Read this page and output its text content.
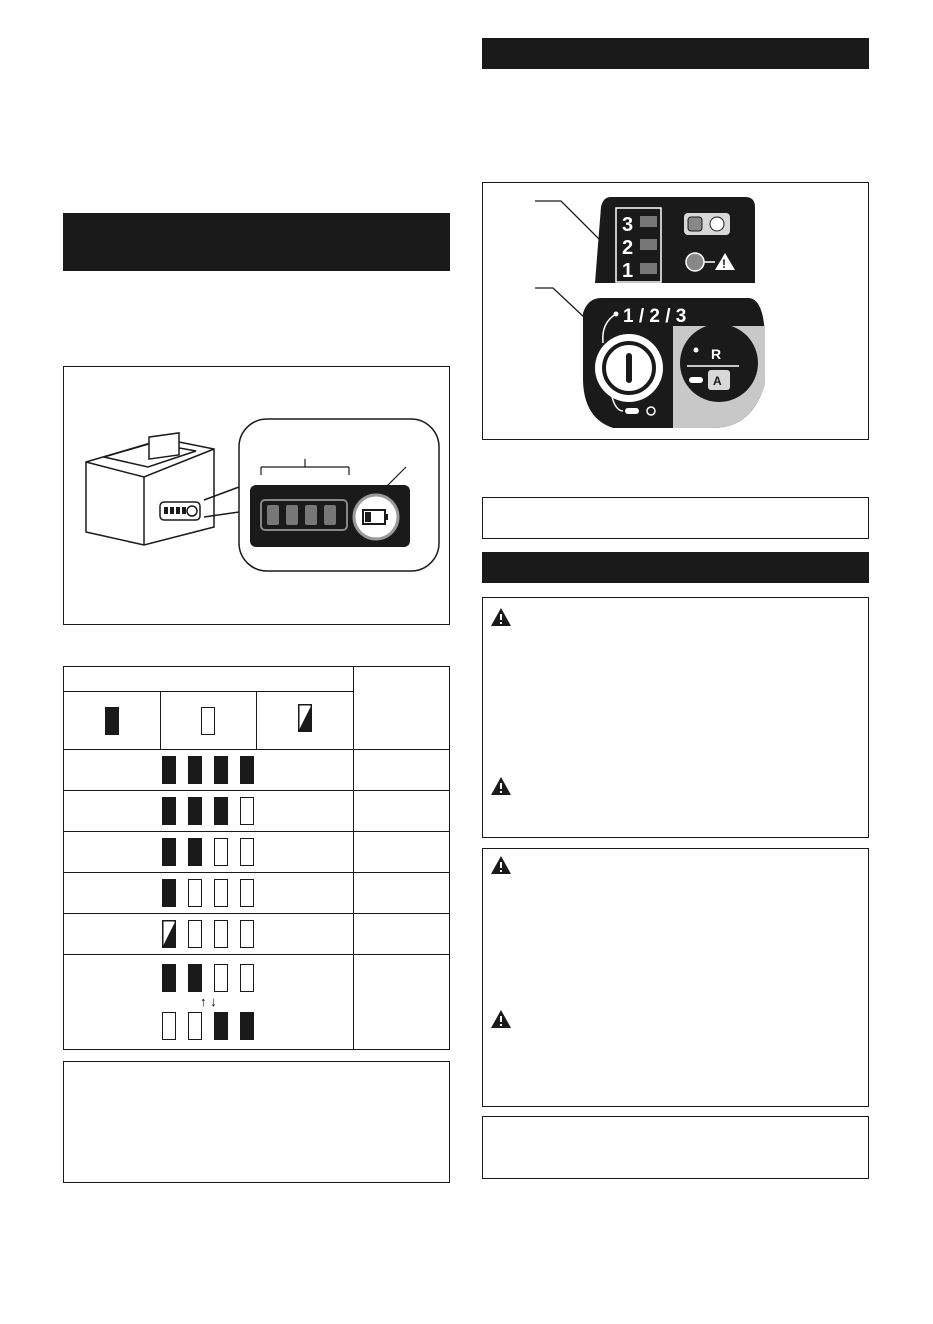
↑ ↓			

3
2
1	!
1 / 2 / 3
R
A
